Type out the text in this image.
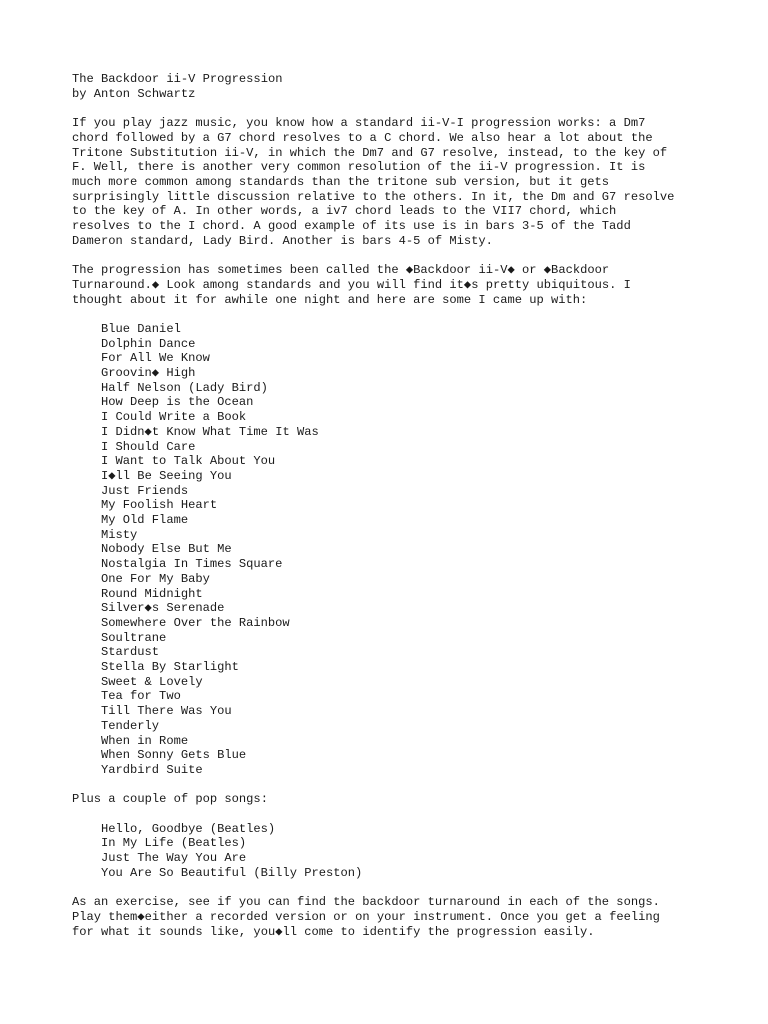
The Backdoor ii-V Progression

by Anton Schwartz

If you play jazz music, you know how a standard ii-V-I progression works: a Dm7

chord followed by a G7 chord resolves to a C chord. We also hear a lot about the

Tritone Substitution ii-V, in which the Dm7 and G7 resolve, instead, to the key of

F. Well, there is another very common resolution of the ii-V progression. It is

much more common among standards than the tritone sub version, but it gets

surprisingly little discussion relative to the others. In it, the Dm and G7 resolve

to the key of A. In other words, a iv7 chord leads to the VII7 chord, which

resolves to the I chord. A good example of its use is in bars 3-5 of the Tadd

Dameron standard, Lady Bird. Another is bars 4-5 of Misty.

The progression has sometimes been called the ◆Backdoor ii-V◆ or ◆Backdoor

Turnaround.◆ Look among standards and you will find it◆s pretty ubiquitous. I

thought about it for awhile one night and here are some I came up with:

Blue Daniel
Dolphin Dance
For All We Know
Groovin◆ High
Half Nelson (Lady Bird)
How Deep is the Ocean
I Could Write a Book
I Didn◆t Know What Time It Was
I Should Care
I Want to Talk About You
I◆ll Be Seeing You
Just Friends
My Foolish Heart
My Old Flame
Misty
Nobody Else But Me
Nostalgia In Times Square
One For My Baby
Round Midnight
Silver◆s Serenade
Somewhere Over the Rainbow
Soultrane
Stardust
Stella By Starlight
Sweet & Lovely
Tea for Two
Till There Was You
Tenderly
When in Rome
When Sonny Gets Blue
Yardbird Suite

Plus a couple of pop songs:

Hello, Goodbye (Beatles)
In My Life (Beatles)
Just The Way You Are
You Are So Beautiful (Billy Preston)

As an exercise, see if you can find the backdoor turnaround in each of the songs.

Play them◆either a recorded version or on your instrument. Once you get a feeling

for what it sounds like, you◆ll come to identify the progression easily.
